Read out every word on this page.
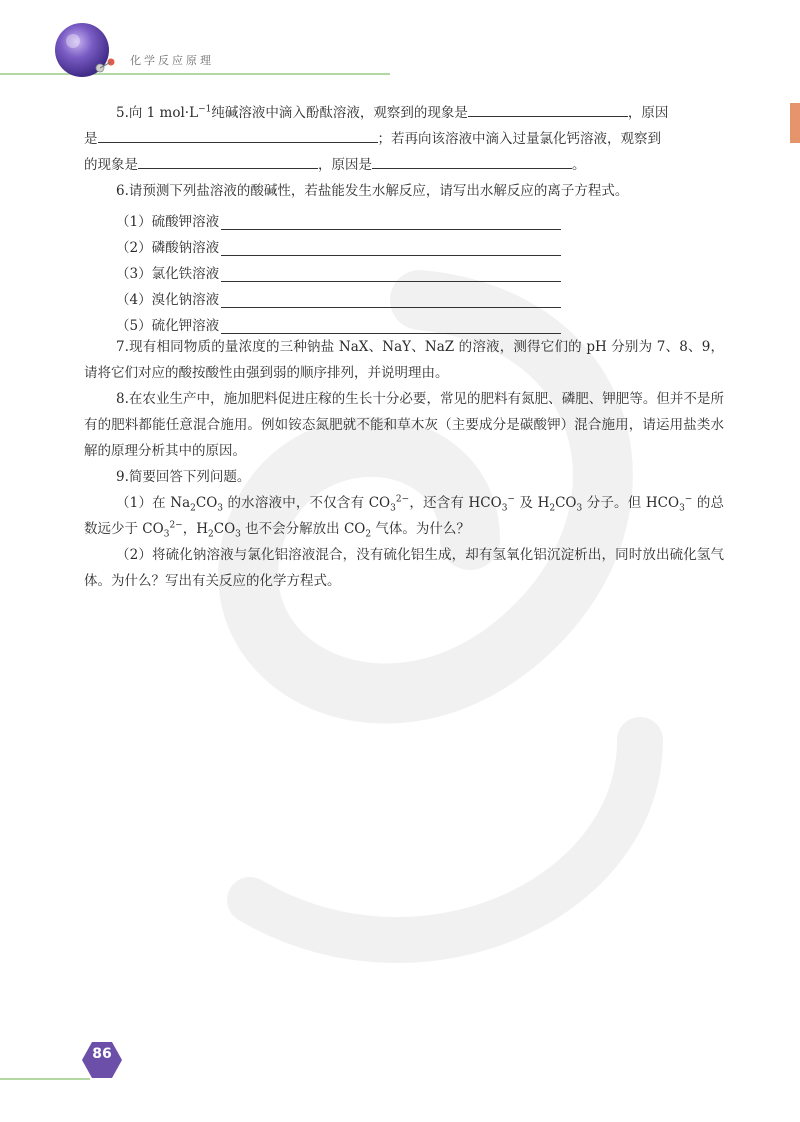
化学反应原理

5.向 1 $mol\cdot L^{-1}$纯碱溶液中滴入酚酞溶液，观察到的现象是	，原因

是	；若再向该溶液中滴入过量氯化钙溶液，观察到

的现象是	，原因是	。

6.请预测下列盐溶液的酸碱性，若盐能发生水解反应，请写出水解反应的离子方程式。

（1）硫酸钾溶液
（2）磷酸钠溶液
（3）氯化铁溶液
（4）溴化钠溶液
（5）硫化钾溶液

7.现有相同物质的量浓度的三种钠盐 NaX、NaY、NaZ 的溶液，测得它们的 pH 分别为 7、8、9，请将它们对应的酸按酸性由强到弱的顺序排列，并说明理由。

8.在农业生产中，施加肥料促进庄稼的生长十分必要，常见的肥料有氮肥、磷肥、钾肥等。但并不是所有的肥料都能任意混合施用。例如铵态氮肥就不能和草木灰（主要成分是碳酸钾）混合施用，请运用盐类水解的原理分析其中的原因。

9.简要回答下列问题。

（1）在 $Na_2CO_3$ 的水溶液中，不仅含有 $CO_3^{2-}$，还含有 $HCO_3^-$ 及 $H_2CO_3$ 分子。但 $HCO_3^-$ 的总数远少于 $CO_3^{2-}$，$H_2CO_3$ 也不会分解放出 $CO_2$ 气体。为什么？

（2）将硫化钠溶液与氯化铝溶液混合，没有硫化铝生成，却有氢氧化铝沉淀析出，同时放出硫化氢气体。为什么？写出有关反应的化学方程式。

86
